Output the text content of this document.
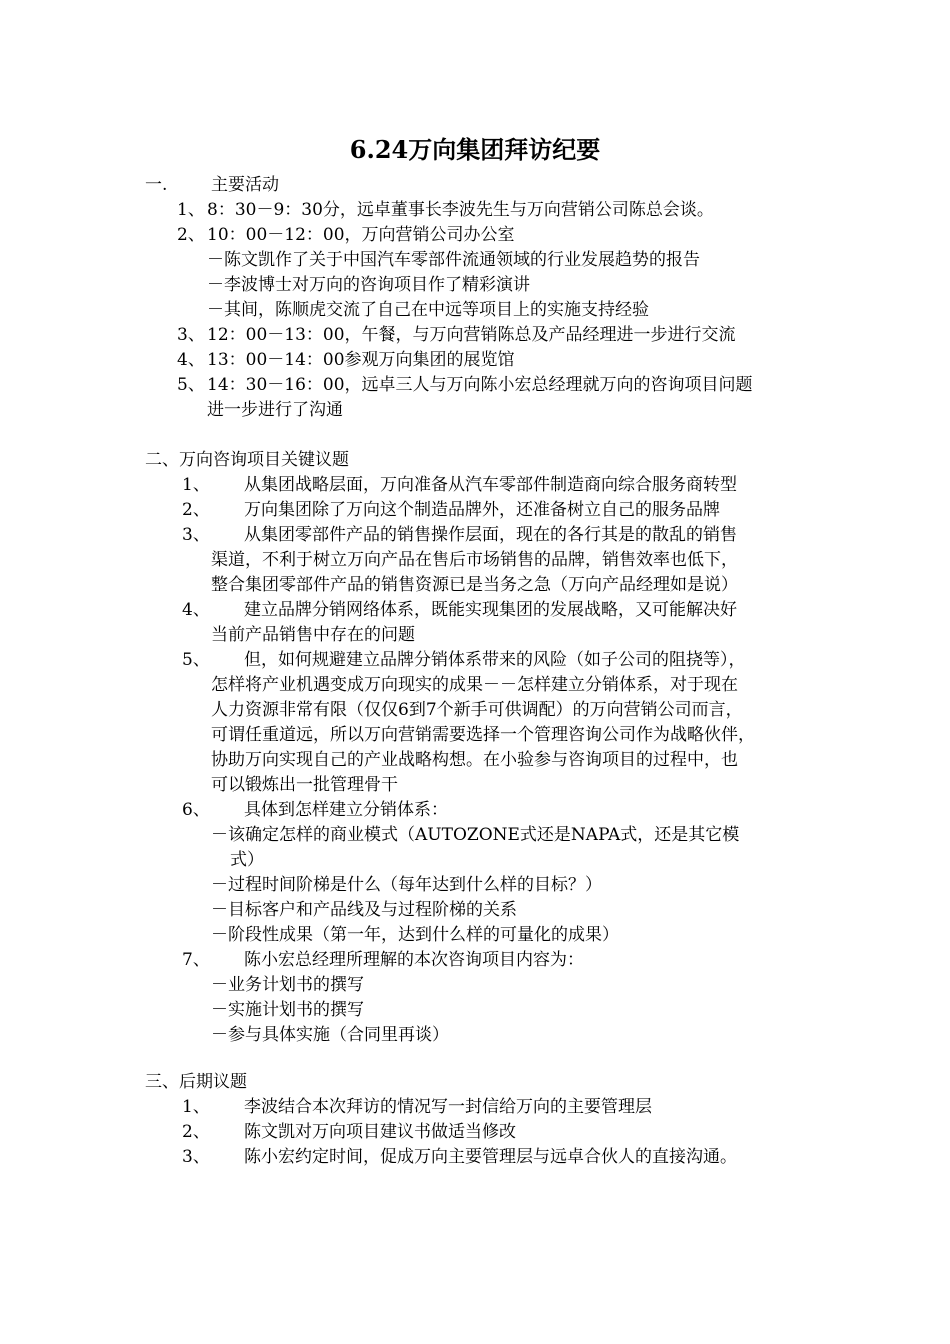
6.24万向集团拜访纪要
一.	主要活动
1、 8：30－9：30分，远卓董事长李波先生与万向营销公司陈总会谈。
2、 10：00－12：00，万向营销公司办公室
－陈文凯作了关于中国汽车零部件流通领域的行业发展趋势的报告
－李波博士对万向的咨询项目作了精彩演讲
－其间，陈顺虎交流了自己在中远等项目上的实施支持经验
3、 12：00－13：00，午餐，与万向营销陈总及产品经理进一步进行交流
4、 13：00－14：00参观万向集团的展览馆
5、 14：30－16：00，远卓三人与万向陈小宏总经理就万向的咨询项目问题
进一步进行了沟通
二、万向咨询项目关键议题
1、 从集团战略层面，万向准备从汽车零部件制造商向综合服务商转型
2、 万向集团除了万向这个制造品牌外，还准备树立自己的服务品牌
3、 从集团零部件产品的销售操作层面，现在的各行其是的散乱的销售
渠道，不利于树立万向产品在售后市场销售的品牌，销售效率也低下，
整合集团零部件产品的销售资源已是当务之急（万向产品经理如是说）
4、 建立品牌分销网络体系，既能实现集团的发展战略，又可能解决好
当前产品销售中存在的问题
5、 但，如何规避建立品牌分销体系带来的风险（如子公司的阻挠等），
怎样将产业机遇变成万向现实的成果－－怎样建立分销体系，对于现在
人力资源非常有限（仅仅6到7个新手可供调配）的万向营销公司而言，
可谓任重道远，所以万向营销需要选择一个管理咨询公司作为战略伙伴，
协助万向实现自己的产业战略构想。在小验参与咨询项目的过程中，也
可以锻炼出一批管理骨干
6、 具体到怎样建立分销体系：
－该确定怎样的商业模式（AUTOZONE式还是NAPA式，还是其它模
式）
－过程时间阶梯是什么（每年达到什么样的目标？）
－目标客户和产品线及与过程阶梯的关系
－阶段性成果（第一年，达到什么样的可量化的成果）
7、 陈小宏总经理所理解的本次咨询项目内容为：
－业务计划书的撰写
－实施计划书的撰写
－参与具体实施（合同里再谈）
三、后期议题
1、 李波结合本次拜访的情况写一封信给万向的主要管理层
2、 陈文凯对万向项目建议书做适当修改
3、 陈小宏约定时间，促成万向主要管理层与远卓合伙人的直接沟通。
